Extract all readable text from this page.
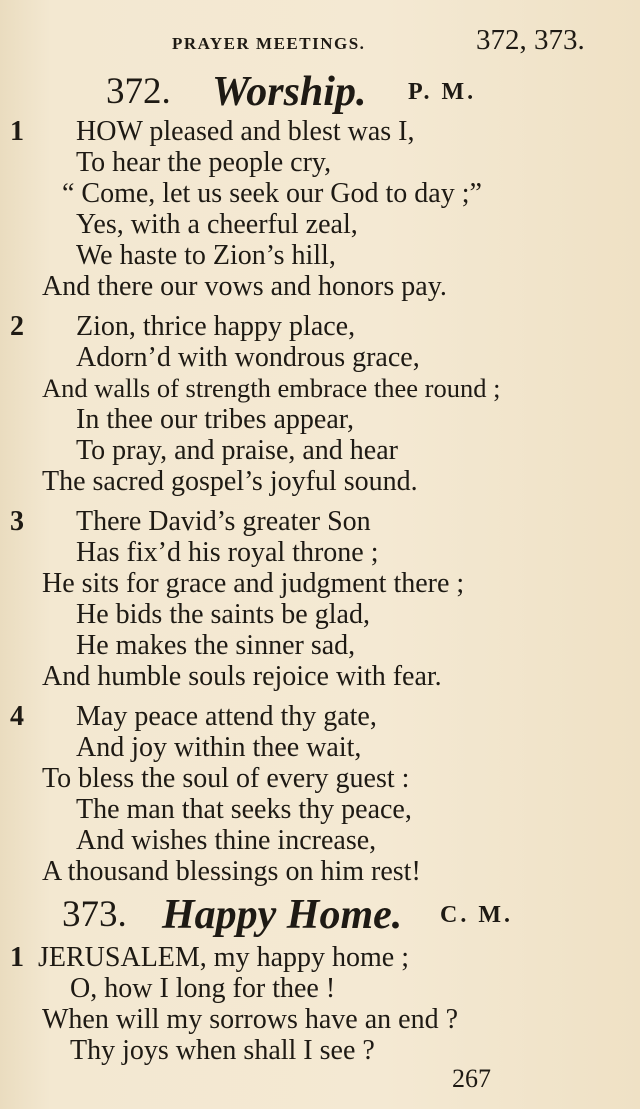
PRAYER MEETINGS.	372, 373.
372. Worship. P. M.
1 HOW pleased and blest was I,
To hear the people cry,
“ Come, let us seek our God to day ;”
Yes, with a cheerful zeal,
We haste to Zion’s hill,
And there our vows and honors pay.
2 Zion, thrice happy place,
Adorn’d with wondrous grace,
And walls of strength embrace thee round ;
In thee our tribes appear,
To pray, and praise, and hear
The sacred gospel’s joyful sound.
3 There David’s greater Son
Has fix’d his royal throne ;
He sits for grace and judgment there ;
He bids the saints be glad,
He makes the sinner sad,
And humble souls rejoice with fear.
4 May peace attend thy gate,
And joy within thee wait,
To bless the soul of every guest :
The man that seeks thy peace,
And wishes thine increase,
A thousand blessings on him rest!
373. Happy Home. C. M.
1 JERUSALEM, my happy home ;
O, how I long for thee !
When will my sorrows have an end ?
Thy joys when shall I see ?
267
